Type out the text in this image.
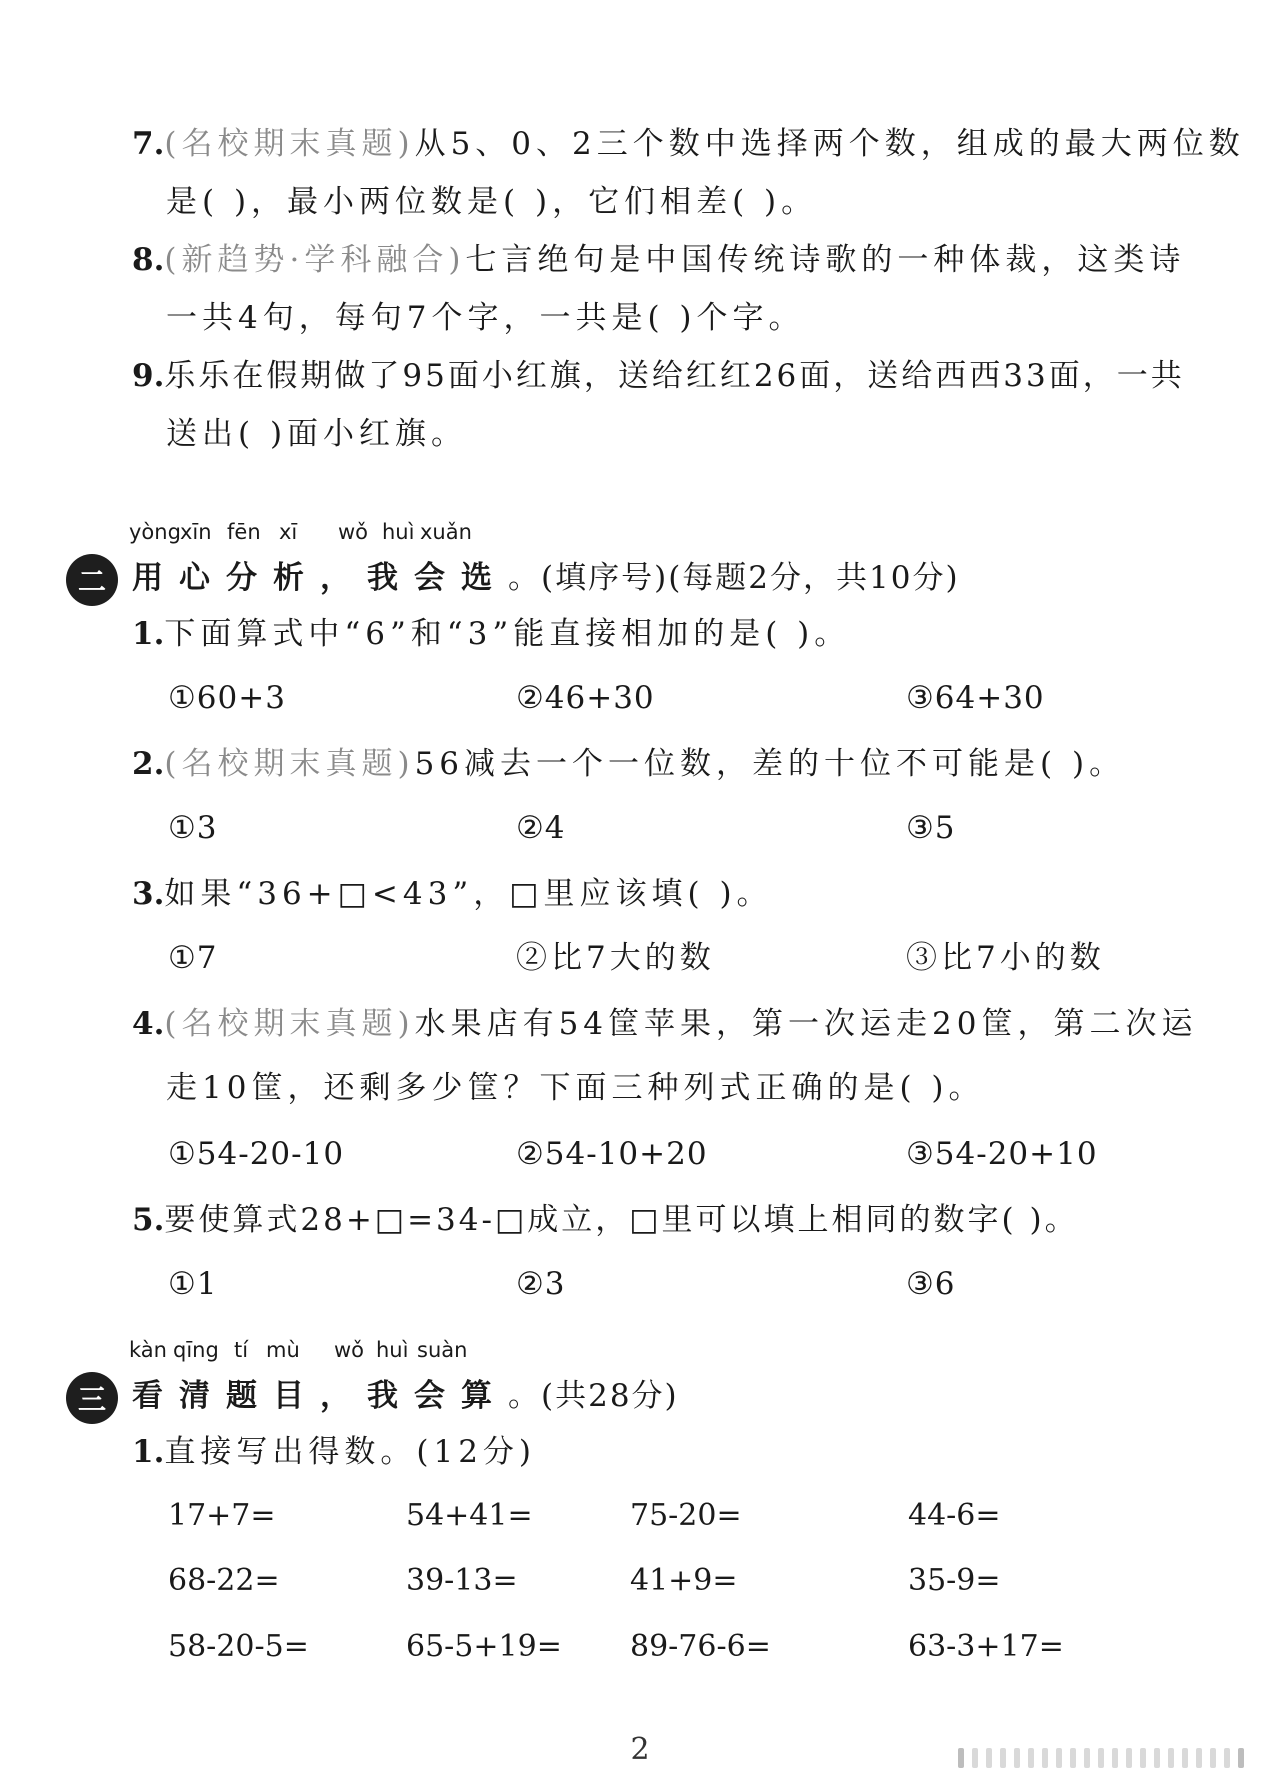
7.(名校期末真题)从5、0、2三个数中选择两个数，组成的最大两位数
是( )，最小两位数是( )，它们相差( )。
8.(新趋势·学科融合)七言绝句是中国传统诗歌的一种体裁，这类诗
一共4句，每句7个字，一共是( )个字。
9.乐乐在假期做了95面小红旗，送给红红26面，送给西西33面，一共
送出( )面小红旗。
二
yòng xīn fēn xī wǒ huì xuǎn
用心分析，我会选。(填序号)(每题2分，共10分)
1.下面算式中“6”和“3”能直接相加的是( )。
①60+3	②46+30	③64+30
2.(名校期末真题)56减去一个一位数，差的十位不可能是( )。
①3	②4	③5
3.如果“36+□<43”，□里应该填( )。
①7	②比7大的数	③比7小的数
4.(名校期末真题)水果店有54筐苹果，第一次运走20筐，第二次运
走10筐，还剩多少筐？下面三种列式正确的是( )。
①54-20-10	②54-10+20	③54-20+10
5.要使算式28+□=34-□成立，□里可以填上相同的数字( )。
①1	②3	③6
三
kàn qīng tí mù wǒ huì suàn
看清题目，我会算。(共28分)
1.直接写出得数。(12分)
17+7=	54+41=	75-20=	44-6=
68-22=	39-13=	41+9=	35-9=
58-20-5=	65-5+19= 89-76-6=	63-3+17=
2
